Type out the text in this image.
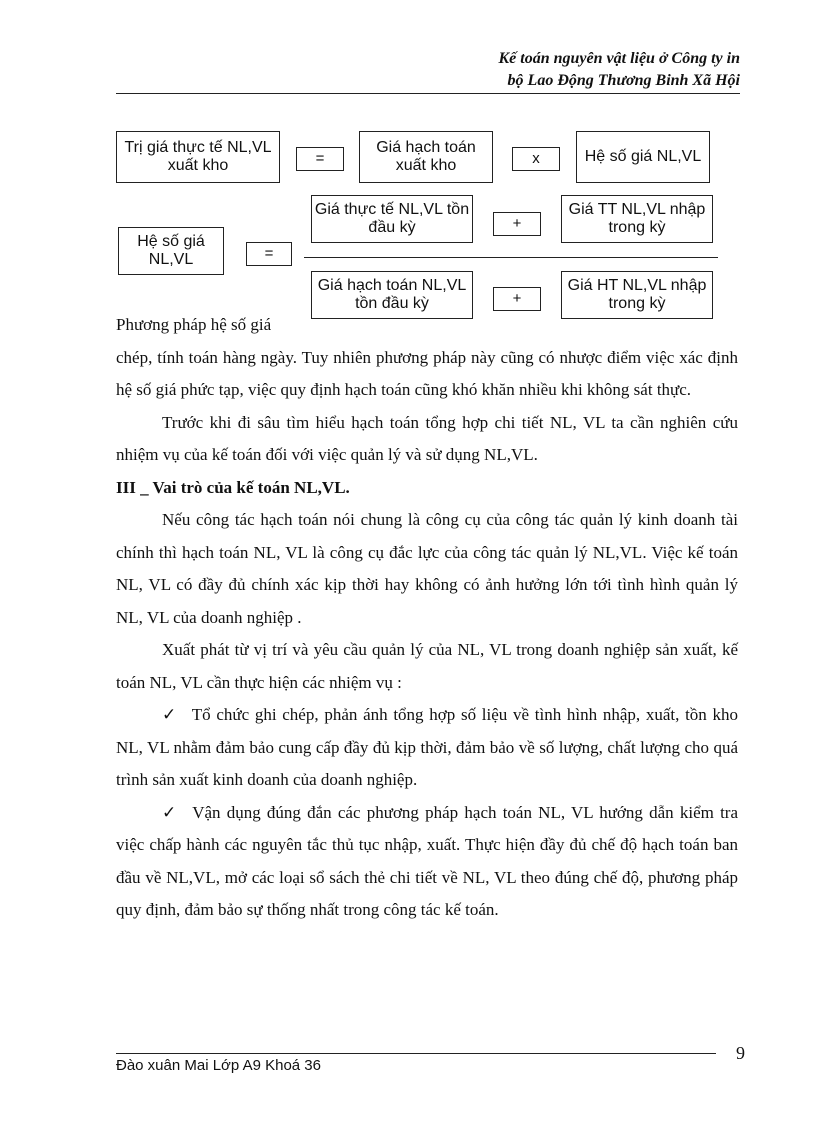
Kế toán nguyên vật liệu ở Công ty in
bộ Lao Động Thương Binh Xã Hội
Trị giá thực tế NL,VL xuất kho	=
Giá hạch toán xuất kho	x	Hệ số giá NL,VL
Hệ số giá NL,VL	=
Giá thực tế NL,VL tồn đầu kỳ	+
Giá TT NL,VL nhập trong kỳ
Giá hạch toán NL,VL tồn đầu kỳ	+
Giá HT NL,VL nhập trong kỳ

Phương pháp hệ số giá
chép, tính toán hàng ngày. Tuy nhiên phương pháp này cũng có nhược điểm việc xác định hệ số giá phức tạp, việc quy định hạch toán cũng khó khăn nhiều khi không sát thực.

Trước khi đi sâu tìm hiểu hạch toán tổng hợp chi tiết NL, VL ta cần nghiên cứu nhiệm vụ của kế toán đối với việc quản lý và sử dụng NL,VL.

III _ Vai trò của kế toán NL,VL.

Nếu công tác hạch toán nói chung là công cụ của công tác quản lý kinh doanh tài chính thì hạch toán NL, VL là công cụ đắc lực của công tác quản lý NL,VL. Việc kế toán NL, VL có đầy đủ chính xác kịp thời hay không có ảnh hưởng lớn tới tình hình quản lý NL, VL của doanh nghiệp .

Xuất phát từ vị trí và yêu cầu quản lý của NL, VL trong doanh nghiệp sản xuất, kế toán NL, VL cần thực hiện các nhiệm vụ :

✓ Tổ chức ghi chép, phản ánh tổng hợp số liệu về tình hình nhập, xuất, tồn kho NL, VL nhằm đảm bảo cung cấp đầy đủ kịp thời, đảm bảo về số lượng, chất lượng cho quá trình sản xuất kinh doanh của doanh nghiệp.

✓ Vận dụng đúng đắn các phương pháp hạch toán NL, VL hướng dẫn kiểm tra việc chấp hành các nguyên tắc thủ tục nhập, xuất. Thực hiện đầy đủ chế độ hạch toán ban đầu về NL,VL, mở các loại sổ sách thẻ chi tiết về NL, VL theo đúng chế độ, phương pháp quy định, đảm bảo sự thống nhất trong công tác kế toán.

Đào xuân Mai Lớp A9 Khoá 36
9
